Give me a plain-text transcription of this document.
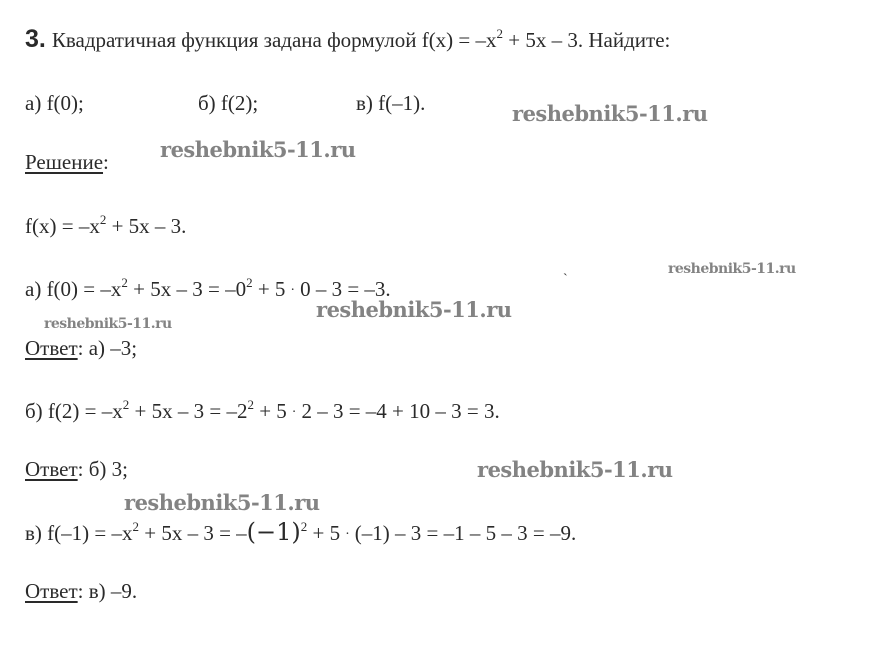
3. Квадратичная функция задана формулой $f(x) = -x^2 + 5x - 3$. Найдите:
а) f(0);	б) f(2);	в) f(–1).
Решение:
$f(x) = -x^2 + 5x - 3$.
а) $f(0) = -x^2 + 5x - 3 = -0^2 + 5 \cdot 0 - 3 = -3$.	ˋ
Ответ: а) –3;
б) $f(2) = -x^2 + 5x - 3 = -2^2 + 5 \cdot 2 - 3 = -4 + 10 - 3 = 3$.
Ответ: б) 3;
в) $f(-1) = -x^2 + 5x - 3 = -(-1)^2 + 5 \cdot (-1) - 3 = -1 - 5 - 3 = -9$.
Ответ: в) –9.
reshebnik5-11.ru
reshebnik5-11.ru
reshebnik5-11.ru
reshebnik5-11.ru
reshebnik5-11.ru
reshebnik5-11.ru
reshebnik5-11.ru
